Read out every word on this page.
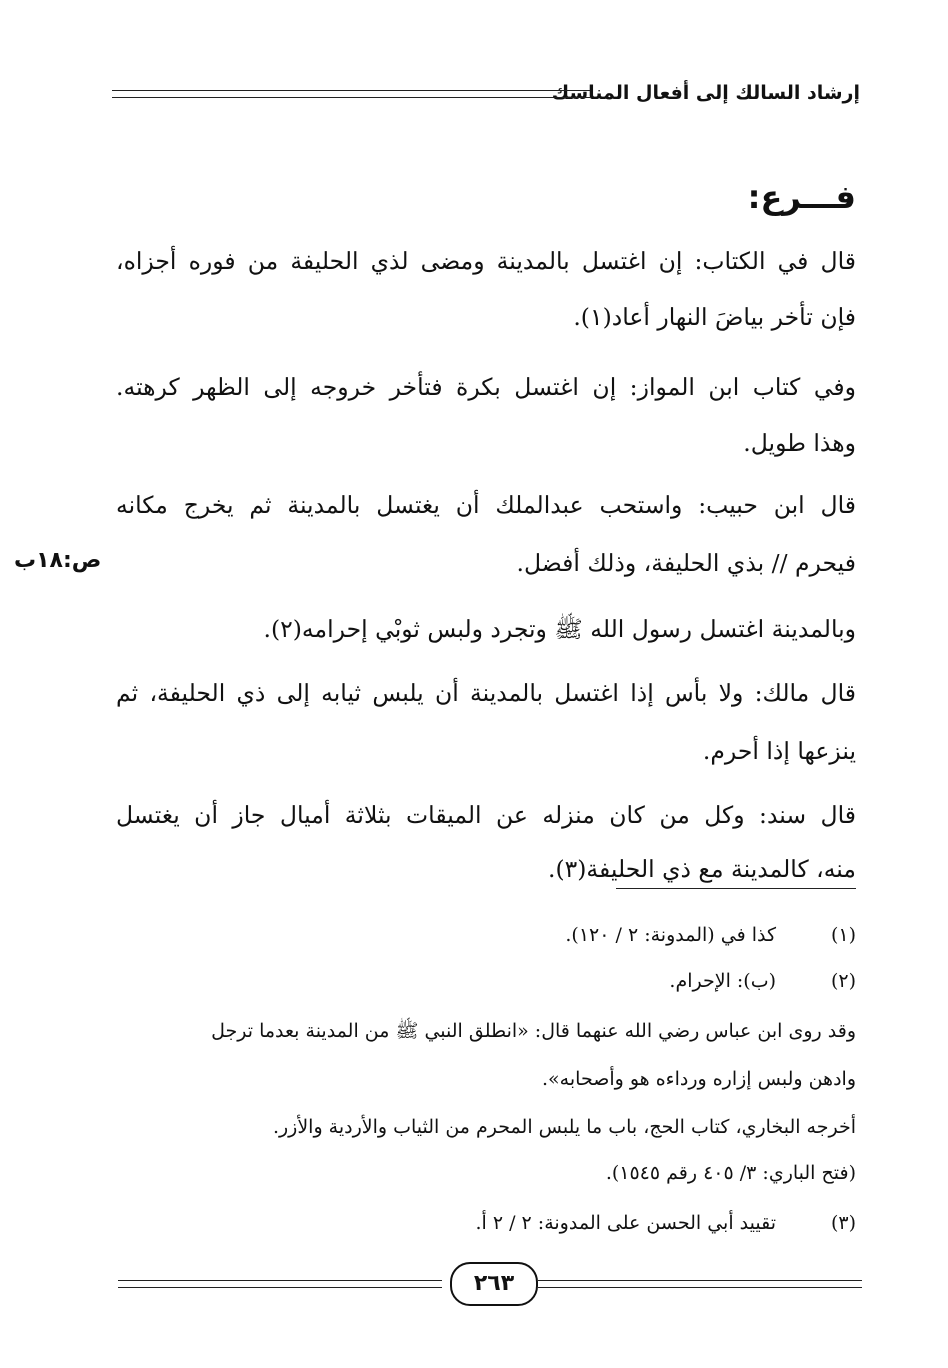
إرشاد السالك إلى أفعال المناسك
فـــرع:
قال في الكتاب: إن اغتسل بالمدينة ومضى لذي الحليفة من فوره أجزاه،
فإن تأخر بياضَ النهار أعاد(١).
وفي كتاب ابن المواز: إن اغتسل بكرة فتأخر خروجه إلى الظهر كرهته.
وهذا طويل.
قال ابن حبيب: واستحب عبدالملك أن يغتسل بالمدينة ثم يخرج مكانه
فيحرم // بذي الحليفة، وذلك أفضل.
ص:١٨ب
وبالمدينة اغتسل رسول الله ﷺ وتجرد ولبس ثوبْي إحرامه(٢).
قال مالك: ولا بأس إذا اغتسل بالمدينة أن يلبس ثيابه إلى ذي الحليفة، ثم
ينزعها إذا أحرم.
قال سند: وكل من كان منزله عن الميقات بثلاثة أميال جاز أن يغتسل
منه، كالمدينة مع ذي الحليفة(٣).
(١)
كذا في (المدونة: ٢ / ١٢٠).
(٢)
(ب): الإحرام.
وقد روى ابن عباس رضي الله عنهما قال: «انطلق النبي ﷺ من المدينة بعدما ترجل
وادهن ولبس إزاره ورداءه هو وأصحابه».
أخرجه البخاري، كتاب الحج، باب ما يلبس المحرم من الثياب والأردية والأزر.
(فتح الباري: ٣/ ٤٠٥ رقم ١٥٤٥).
(٣)
تقييد أبي الحسن على المدونة: ٢ / ٢ أ.
٢٦٣
